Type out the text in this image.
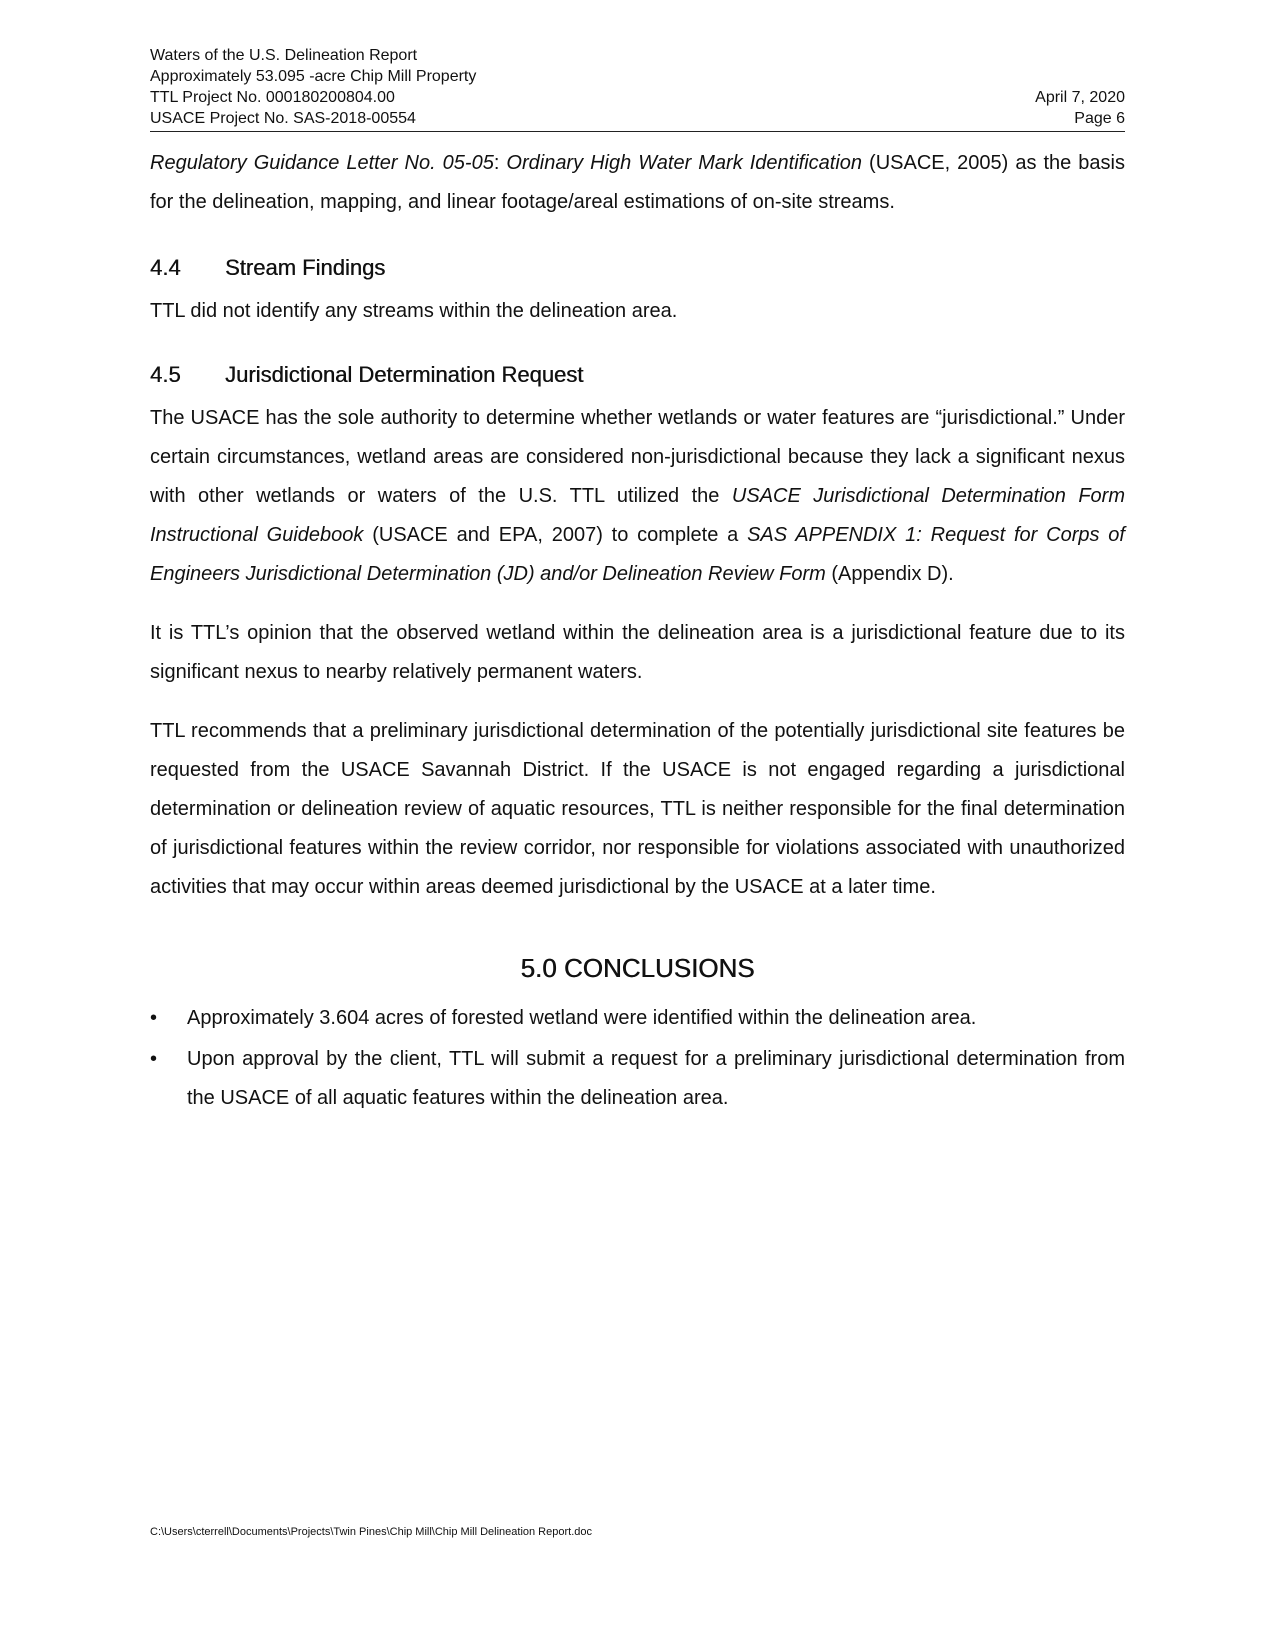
Waters of the U.S. Delineation Report
Approximately 53.095 -acre Chip Mill Property
TTL Project No. 000180200804.00	April 7, 2020
USACE Project No. SAS-2018-00554	Page 6

Regulatory Guidance Letter No. 05-05: Ordinary High Water Mark Identification (USACE, 2005) as the basis for the delineation, mapping, and linear footage/areal estimations of on-site streams.

4.4	Stream Findings

TTL did not identify any streams within the delineation area.

4.5	Jurisdictional Determination Request

The USACE has the sole authority to determine whether wetlands or water features are “jurisdictional.” Under certain circumstances, wetland areas are considered non-jurisdictional because they lack a significant nexus with other wetlands or waters of the U.S. TTL utilized the USACE Jurisdictional Determination Form Instructional Guidebook (USACE and EPA, 2007) to complete a SAS APPENDIX 1: Request for Corps of Engineers Jurisdictional Determination (JD) and/or Delineation Review Form (Appendix D).

It is TTL’s opinion that the observed wetland within the delineation area is a jurisdictional feature due to its significant nexus to nearby relatively permanent waters.

TTL recommends that a preliminary jurisdictional determination of the potentially jurisdictional site features be requested from the USACE Savannah District. If the USACE is not engaged regarding a jurisdictional determination or delineation review of aquatic resources, TTL is neither responsible for the final determination of jurisdictional features within the review corridor, nor responsible for violations associated with unauthorized activities that may occur within areas deemed jurisdictional by the USACE at a later time.

5.0 CONCLUSIONS
•	Approximately 3.604 acres of forested wetland were identified within the delineation area.
•	Upon approval by the client, TTL will submit a request for a preliminary jurisdictional determination from the USACE of all aquatic features within the delineation area.
C:\Users\cterrell\Documents\Projects\Twin Pines\Chip Mill\Chip Mill Delineation Report.doc
